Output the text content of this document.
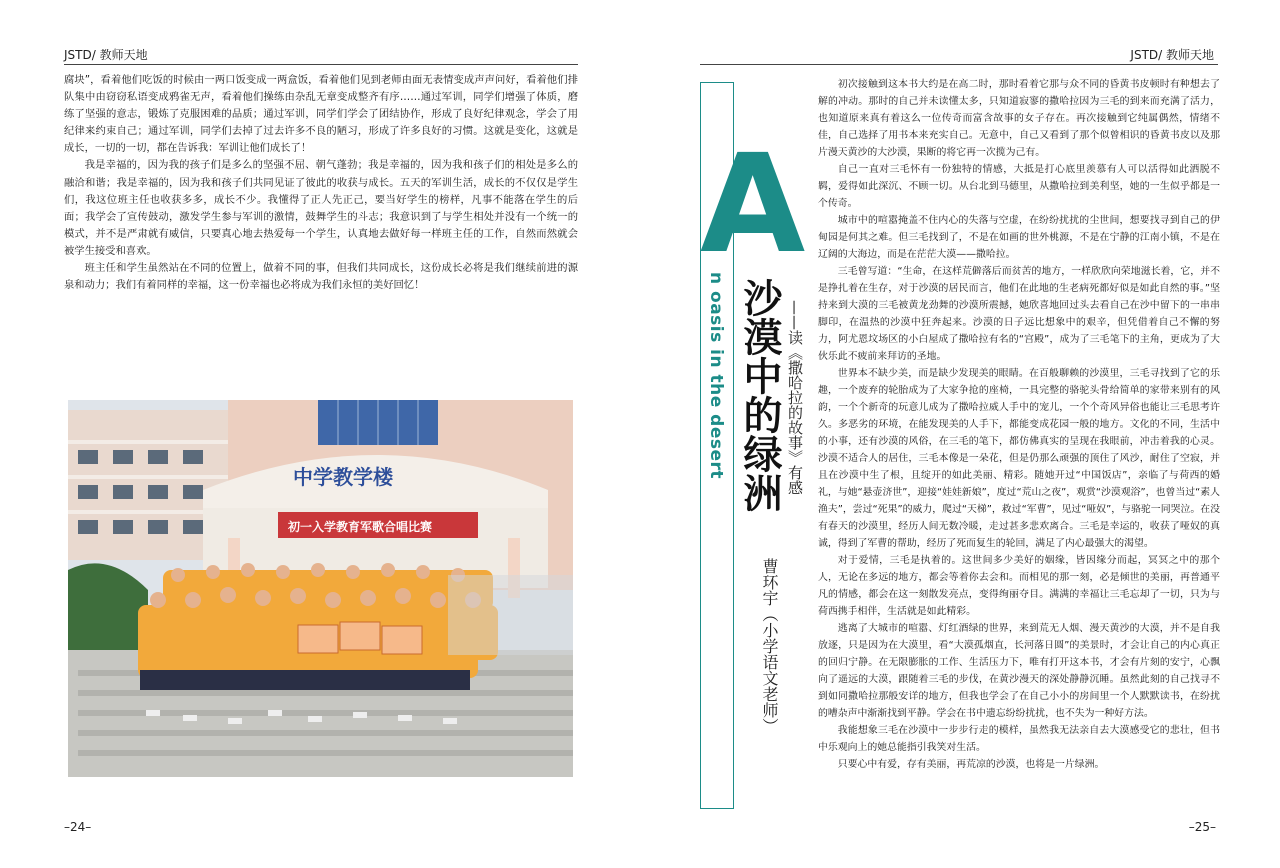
JSTD/ 教师天地	JSTD/ 教师天地

腐块”，看着他们吃饭的时候由一两口饭变成一两盒饭，看着他们见到老师由面无表情变成声声问好，看着他们排队集中由窃窃私语变成鸦雀无声，看着他们操练由杂乱无章变成整齐有序……通过军训，同学们增强了体质，磨练了坚强的意志，锻炼了克服困难的品质；通过军训，同学们学会了团结协作，形成了良好纪律观念，学会了用纪律来约束自己；通过军训，同学们去掉了过去许多不良的陋习，形成了许多良好的习惯。这就是变化，这就是成长，一切的一切，都在告诉我：军训让他们成长了！

我是幸福的，因为我的孩子们是多么的坚强不屈、朝气蓬勃；我是幸福的，因为我和孩子们的相处是多么的融洽和谐；我是幸福的，因为我和孩子们共同见证了彼此的收获与成长。五天的军训生活，成长的不仅仅是学生们，我这位班主任也收获多多，成长不少。我懂得了正人先正己，要当好学生的榜样，凡事不能落在学生的后面；我学会了宣传鼓动，激发学生参与军训的激情，鼓舞学生的斗志；我意识到了与学生相处并没有一个统一的模式，并不是严肃就有威信，只要真心地去热爱每一个学生，认真地去做好每一样班主任的工作，自然而然就会被学生接受和喜欢。

班主任和学生虽然站在不同的位置上，做着不同的事，但我们共同成长，这份成长必将是我们继续前进的源泉和动力；我们有着同样的幸福，这一份幸福也必将成为我们永恒的美好回忆！

中学教学楼
初一入学教育军歌合唱比赛
–24–
A
n oasis in the desert 沙漠中的绿洲 ——读《撒哈拉的故事》有感
曹环宇（小学语文老师）

初次接触到这本书大约是在高二时，那时看着它那与众不同的昏黄书皮顿时有种想去了解的冲动。那时的自己并未读懂太多，只知道寂寥的撒哈拉因为三毛的到来而充满了活力，也知道原来真有着这么一位传奇而富含故事的女子存在。再次接触到它纯属偶然，情绪不佳，自己选择了用书本来充实自己。无意中，自己又看到了那个似曾相识的昏黄书皮以及那片漫天黄沙的大沙漠，果断的将它再一次揽为己有。

自己一直对三毛怀有一份独特的情感，大抵是打心底里羡慕有人可以活得如此洒脱不羁，爱得如此深沉、不顾一切。从台北到马德里，从撒哈拉到美利坚，她的一生似乎都是一个传奇。

城市中的喧嚣掩盖不住内心的失落与空虚，在纷纷扰扰的尘世间，想要找寻到自己的伊甸园是何其之难。但三毛找到了，不是在如画的世外桃源，不是在宁静的江南小镇，不是在辽阔的大海边，而是在茫茫大漠——撒哈拉。

三毛曾写道：“生命，在这样荒僻落后而贫苦的地方，一样欣欣向荣地滋长着，它，并不是挣扎着在生存，对于沙漠的居民而言，他们在此地的生老病死都好似是如此自然的事。”坚持来到大漠的三毛被黄龙劲舞的沙漠所震撼，她欣喜地回过头去看自己在沙中留下的一串串脚印，在温热的沙漠中狂奔起来。沙漠的日子远比想象中的艰辛，但凭借着自己不懈的努力，阿尤恩坟场区的小白屋成了撒哈拉有名的“宫殿”，成为了三毛笔下的主角，更成为了大伙乐此不疲前来拜访的圣地。

世界本不缺少美，而是缺少发现美的眼睛。在百般聊赖的沙漠里，三毛寻找到了它的乐趣，一个废弃的轮胎成为了大家争抢的座椅，一具完整的骆驼头骨给简单的家带来别有的风韵，一个个新奇的玩意儿成为了撒哈拉威人手中的宠儿，一个个奇风异俗也能让三毛思考许久。多恶劣的环境，在能发现美的人手下，都能变成花园一般的地方。文化的不同，生活中的小事，还有沙漠的风俗，在三毛的笔下，都仿佛真实的呈现在我眼前，冲击着我的心灵。沙漠不适合人的居住，三毛本像是一朵花，但是仍那么顽强的顶住了风沙，耐住了空寂，并且在沙漠中生了根，且绽开的如此美丽、精彩。随她开过“中国饭店”，亲临了与荷西的婚礼，与她“悬壶济世”，迎接“娃娃新娘”，度过“荒山之夜”，观赏“沙漠观浴”，也曾当过“素人渔夫”，尝过“死果”的威力，爬过“天梯”，救过“军曹”，见过“哑奴”，与骆驼一同哭泣。在没有春天的沙漠里，经历人间无数冷暖，走过甚多悲欢离合。三毛是幸运的，收获了哑奴的真诚，得到了军曹的帮助，经历了死而复生的轮回，满足了内心最强大的渴望。

对于爱情，三毛是执着的。这世间多少美好的姻缘，皆因缘分而起，冥冥之中的那个人，无论在多远的地方，都会等着你去会和。而相见的那一刻，必是倾世的美丽，再普通平凡的情感，都会在这一刻散发亮点，变得绚丽夺目。满满的幸福让三毛忘却了一切，只为与荷西携手相伴，生活就是如此精彩。

逃离了大城市的喧嚣、灯红酒绿的世界，来到荒无人烟、漫天黄沙的大漠，并不是自我放逐，只是因为在大漠里，看“大漠孤烟直，长河落日圆”的美景时，才会让自己的内心真正的回归宁静。在无限膨胀的工作、生活压力下，唯有打开这本书，才会有片刻的安宁，心飘向了遥远的大漠，跟随着三毛的步伐，在黄沙漫天的深处静静沉睡。虽然此刻的自己找寻不到如同撒哈拉那般安详的地方，但我也学会了在自己小小的房间里一个人默默读书，在纷扰的嘈杂声中渐渐找到平静。学会在书中遗忘纷纷扰扰，也不失为一种好方法。

我能想象三毛在沙漠中一步步行走的模样，虽然我无法亲自去大漠感受它的悲壮，但书中乐观向上的她总能指引我笑对生活。

只要心中有爱，存有美丽，再荒凉的沙漠，也将是一片绿洲。

–25–
